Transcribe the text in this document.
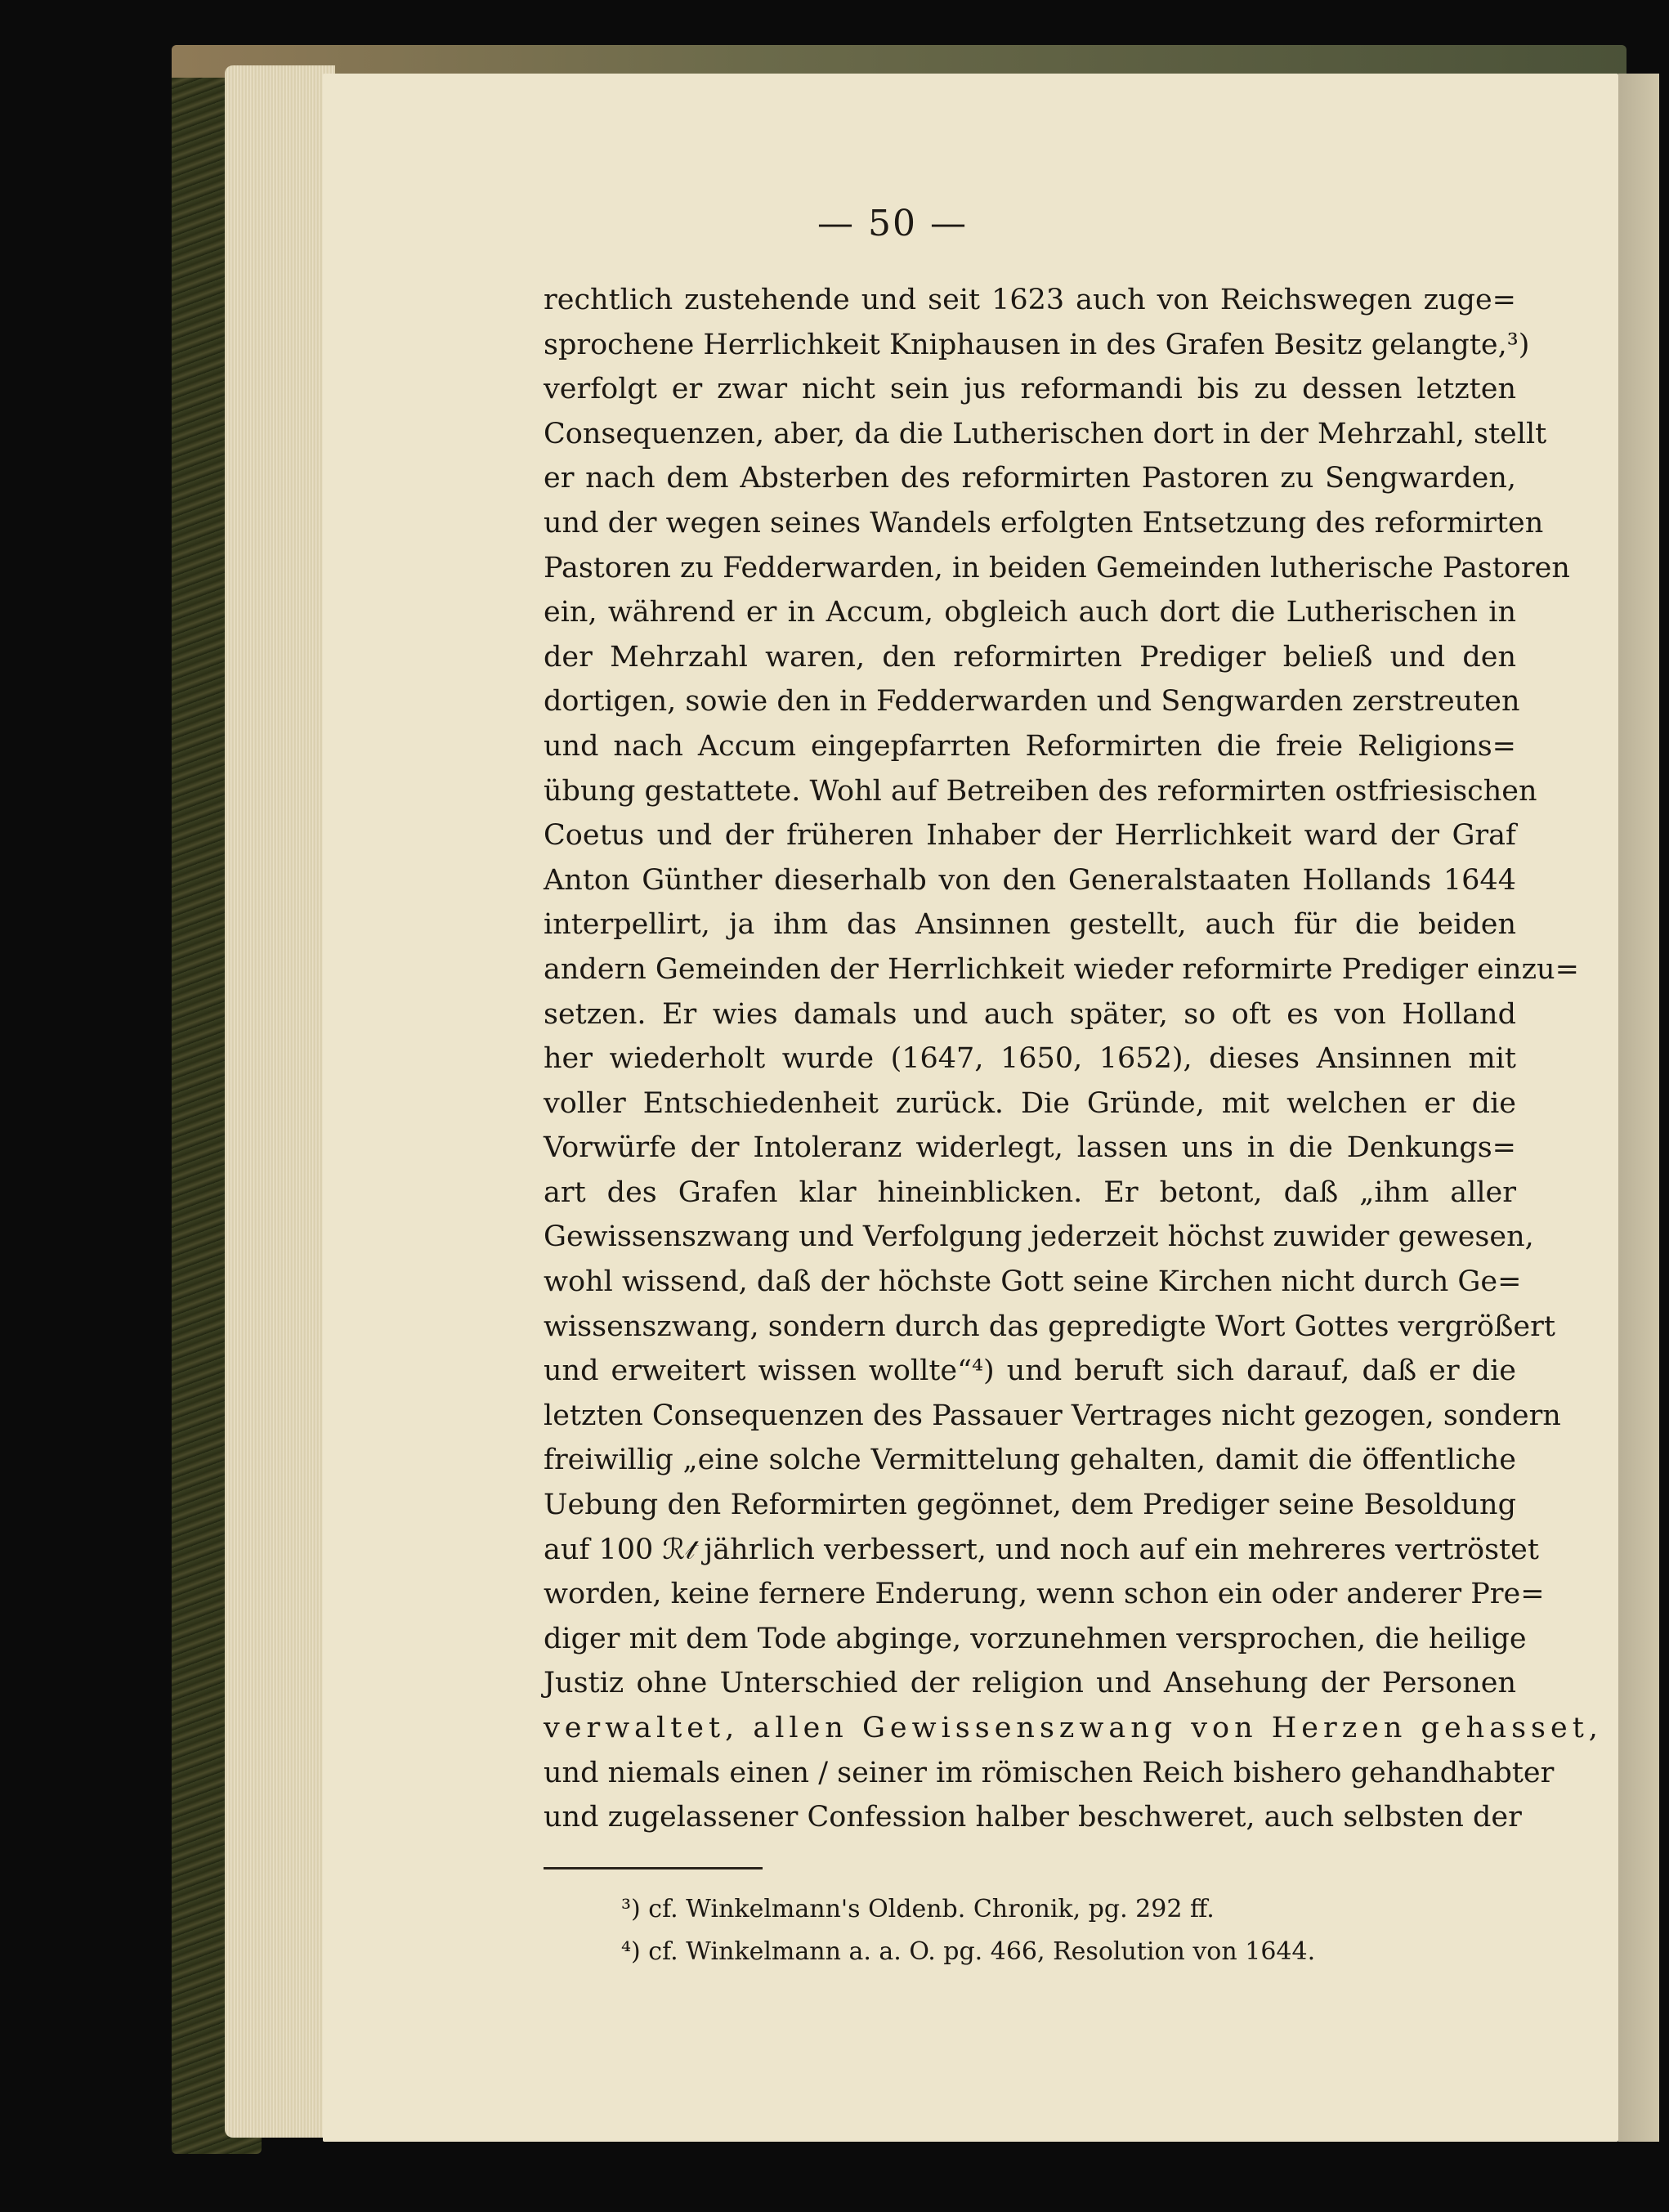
— 50 —
rechtlich zustehende und seit 1623 auch von Reichswegen zuge=
sprochene Herrlichkeit Kniphausen in des Grafen Besitz gelangte,³)
verfolgt er zwar nicht sein jus reformandi bis zu dessen letzten
Consequenzen, aber, da die Lutherischen dort in der Mehrzahl, stellt
er nach dem Absterben des reformirten Pastoren zu Sengwarden,
und der wegen seines Wandels erfolgten Entsetzung des reformirten
Pastoren zu Fedderwarden, in beiden Gemeinden lutherische Pastoren
ein, während er in Accum, obgleich auch dort die Lutherischen in
der Mehrzahl waren, den reformirten Prediger beließ und den
dortigen, sowie den in Fedderwarden und Sengwarden zerstreuten
und nach Accum eingepfarrten Reformirten die freie Religions=
übung gestattete. Wohl auf Betreiben des reformirten ostfriesischen
Coetus und der früheren Inhaber der Herrlichkeit ward der Graf
Anton Günther dieserhalb von den Generalstaaten Hollands 1644
interpellirt, ja ihm das Ansinnen gestellt, auch für die beiden
andern Gemeinden der Herrlichkeit wieder reformirte Prediger einzu=
setzen. Er wies damals und auch später, so oft es von Holland
her wiederholt wurde (1647, 1650, 1652), dieses Ansinnen mit
voller Entschiedenheit zurück. Die Gründe, mit welchen er die
Vorwürfe der Intoleranz widerlegt, lassen uns in die Denkungs=
art des Grafen klar hineinblicken. Er betont, daß „ihm aller
Gewissenszwang und Verfolgung jederzeit höchst zuwider gewesen,
wohl wissend, daß der höchste Gott seine Kirchen nicht durch Ge=
wissenszwang, sondern durch das gepredigte Wort Gottes vergrößert
und erweitert wissen wollte“⁴) und beruft sich darauf, daß er die
letzten Consequenzen des Passauer Vertrages nicht gezogen, sondern
freiwillig „eine solche Vermittelung gehalten, damit die öffentliche
Uebung den Reformirten gegönnet, dem Prediger seine Besoldung
auf 100 ℛ𝓉 jährlich verbessert, und noch auf ein mehreres vertröstet
worden, keine fernere Enderung, wenn schon ein oder anderer Pre=
diger mit dem Tode abginge, vorzunehmen versprochen, die heilige
Justiz ohne Unterschied der religion und Ansehung der Personen
verwaltet, allen Gewissenszwang von Herzen gehasset,
und niemals einen / seiner im römischen Reich bishero gehandhabter
und zugelassener Confession halber beschweret, auch selbsten der
³) cf. Winkelmann's Oldenb. Chronik, pg. 292 ff.
⁴) cf. Winkelmann a. a. O. pg. 466, Resolution von 1644.
